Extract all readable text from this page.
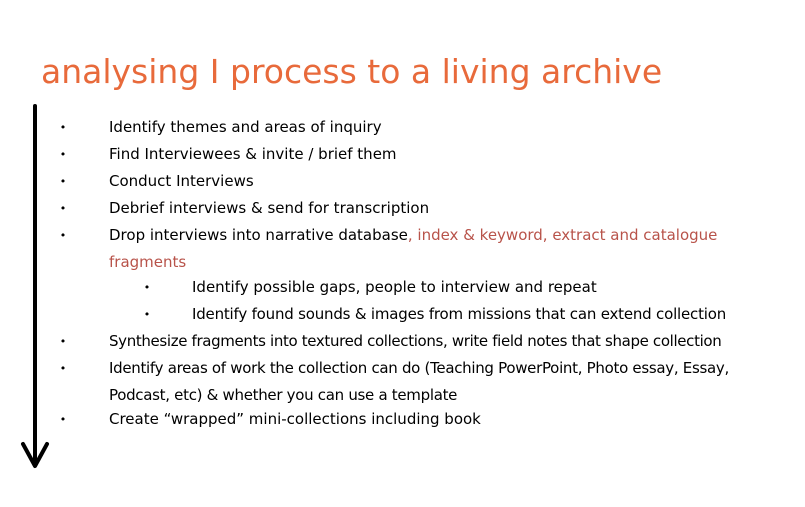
analysing I process to a living archive
•	Identify themes and areas of inquiry
•	Find Interviewees & invite / brief them
•	Conduct Interviews
•	Debrief interviews & send for transcription
•	Drop interviews into narrative database, index & keyword, extract and catalogue fragments
•	Identify possible gaps, people to interview and repeat
•	Identify found sounds & images from missions that can extend collection
•	Synthesize fragments into textured collections, write field notes that shape collection
•	Identify areas of work the collection can do (Teaching PowerPoint, Photo essay, Essay, Podcast, etc) & whether you can use a template
•	Create “wrapped” mini-collections including book
